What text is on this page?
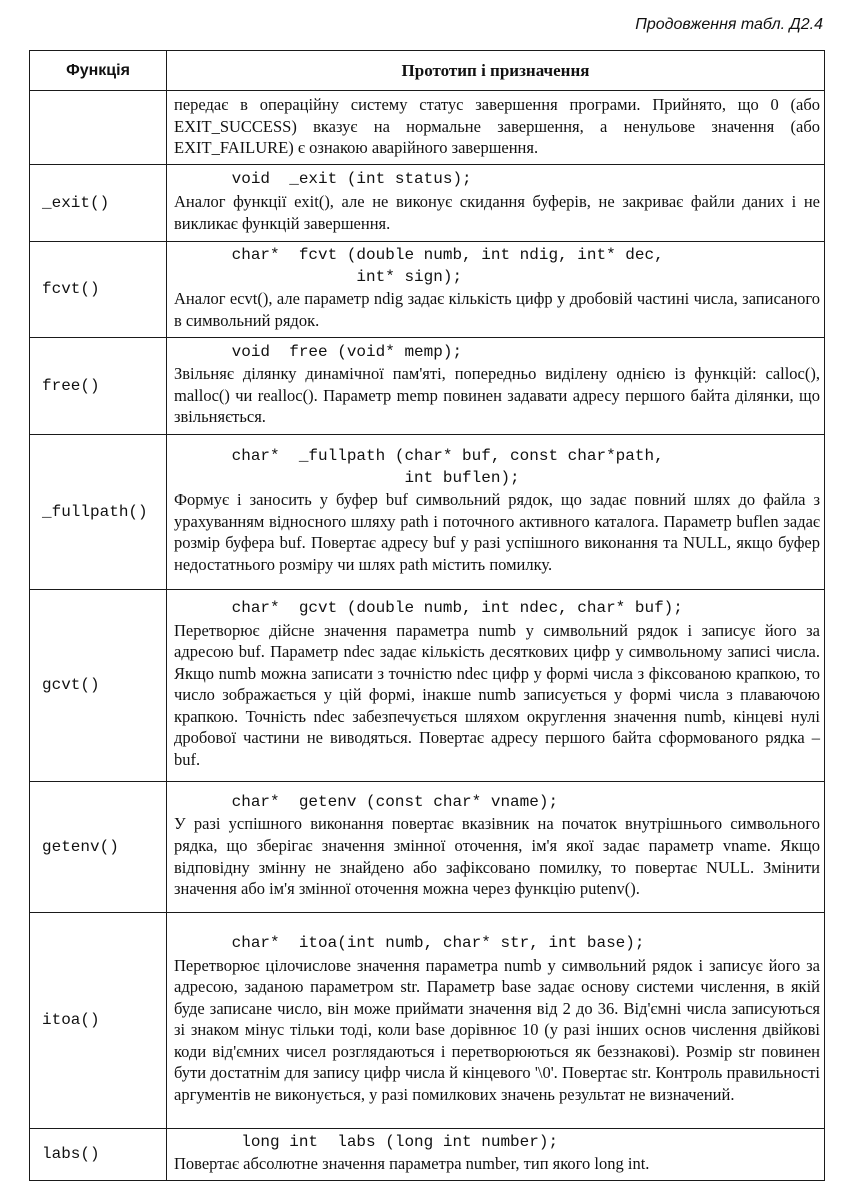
Продовження табл. Д2.4
Функція	Прототип і призначення

	передає в операційну систему статус завершення програми. Прийнято, що 0 (або EXIT_SUCCESS) вказує на нормальне завершення, а ненульове значення (або EXIT_FAILURE) є ознакою аварійного завершення.

_exit()	void  _exit (int status);
Аналог функції exit(), але не виконує скидання буферів, не закриває файли даних і не викликає функцій завершення.

fcvt()	char*  fcvt (double numb, int ndig, int* dec,
int* sign);
Аналог ecvt(), але параметр ndig задає кількість цифр у дробовій частині числа, записаного в символьний рядок.

free()	void  free (void* memp);
Звільняє ділянку динамічної пам'яті, попередньо виділену однією із функцій: calloc(), malloc() чи realloc(). Параметр memp повинен задавати адресу першого байта ділянки, що звільняється.

_fullpath()	char*  _fullpath (char* buf, const char*path,
int buflen);
Формує і заносить у буфер buf символьний рядок, що задає повний шлях до файла з урахуванням відносного шляху path і поточного активного каталога. Параметр buflen задає розмір буфера buf. Повертає адресу buf у разі успішного виконання та NULL, якщо буфер недостатнього розміру чи шлях path містить помилку.

gcvt()	char*  gcvt (double numb, int ndec, char* buf);
Перетворює дійсне значення параметра numb у символьний рядок і записує його за адресою buf. Параметр ndec задає кількість десяткових цифр у символьному записі числа. Якщо numb можна записати з точністю ndec цифр у формі числа з фіксованою крапкою, то число зображається у цій формі, інакше numb записується у формі числа з плаваючою крапкою. Точність ndec забезпечується шляхом округлення значення numb, кінцеві нулі дробової частини не виводяться. Повертає адресу першого байта сформованого рядка – buf.

getenv()	char*  getenv (const char* vname);
У разі успішного виконання повертає вказівник на початок внутрішнього символьного рядка, що зберігає значення змінної оточення, ім'я якої задає параметр vname. Якщо відповідну змінну не знайдено або зафіксовано помилку, то повертає NULL. Змінити значення або ім'я змінної оточення можна через функцію putenv().

itoa()	char*  itoa(int numb, char* str, int base);
Перетворює цілочислове значення параметра numb у символьний рядок і записує його за адресою, заданою параметром str. Параметр base задає основу системи числення, в якій буде записане число, він може приймати значення від 2 до 36. Від'ємні числа записуються зі знаком мінус тільки тоді, коли base дорівнює 10 (у разі інших основ числення двійкові коди від'ємних чисел розглядаються і перетворюються як беззнакові). Розмір str повинен бути достатнім для запису цифр числа й кінцевого '\0'. Повертає str. Контроль правильності аргументів не виконується, у разі помилкових значень результат не визначений.

labs()	long int  labs (long int number);
Повертає абсолютне значення параметра number, тип якого long int.
